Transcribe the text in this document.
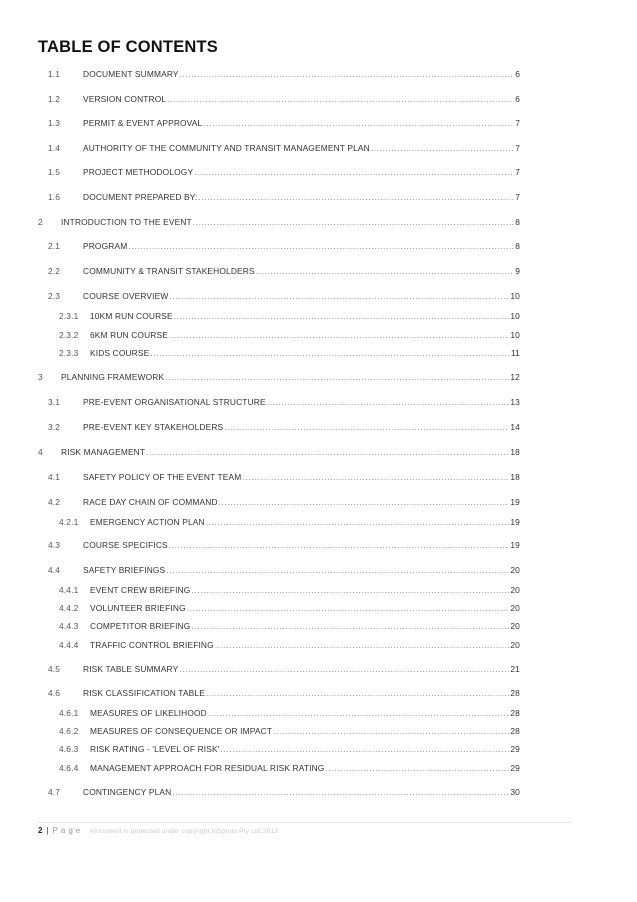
TABLE OF CONTENTS
1.1	DOCUMENT SUMMARY .....	6
1.2	VERSION CONTROL .....	6
1.3	PERMIT & EVENT APPROVAL .....	7
1.4	AUTHORITY OF THE COMMUNITY AND TRANSIT MANAGEMENT PLAN .....	7
1.5	PROJECT METHODOLOGY .....	7
1.6	DOCUMENT PREPARED BY: .....	7
2	INTRODUCTION TO THE EVENT .....	8
2.1	PROGRAM .....	8
2.2	COMMUNITY & TRANSIT STAKEHOLDERS .....	9
2.3	COURSE OVERVIEW .....	10
2.3.1	10KM RUN COURSE .....	10
2.3.2	6KM RUN COURSE .....	10
2.3.3	KIDS COURSE .....	11
3	PLANNING FRAMEWORK .....	12
3.1	PRE-EVENT ORGANISATIONAL STRUCTURE .....	13
3.2	PRE-EVENT KEY STAKEHOLDERS .....	14
4	RISK MANAGEMENT .....	18
4.1	SAFETY POLICY OF THE EVENT TEAM .....	18
4.2	RACE DAY CHAIN OF COMMAND .....	19
4.2.1	EMERGENCY ACTION PLAN .....	19
4.3	COURSE SPECIFICS .....	19
4.4	SAFETY BRIEFINGS .....	20
4.4.1	EVENT CREW BRIEFING .....	20
4.4.2	VOLUNTEER BRIEFING .....	20
4.4.3	COMPETITOR BRIEFING .....	20
4.4.4	TRAFFIC CONTROL BRIEFING .....	20
4.5	RISK TABLE SUMMARY .....	21
4.6	RISK CLASSIFICATION TABLE .....	28
4.6.1	MEASURES OF LIKELIHOOD .....	28
4.6.2	MEASURES OF CONSEQUENCE OR IMPACT .....	28
4.6.3	RISK RATING - 'LEVEL OF RISK' .....	29
4.6.4	MANAGEMENT APPROACH FOR RESIDUAL RISK RATING .....	29
4.7	CONTINGENCY PLAN .....	30
2 | Page All content is protected under copyright ItiSports Pty Ltd 2013
